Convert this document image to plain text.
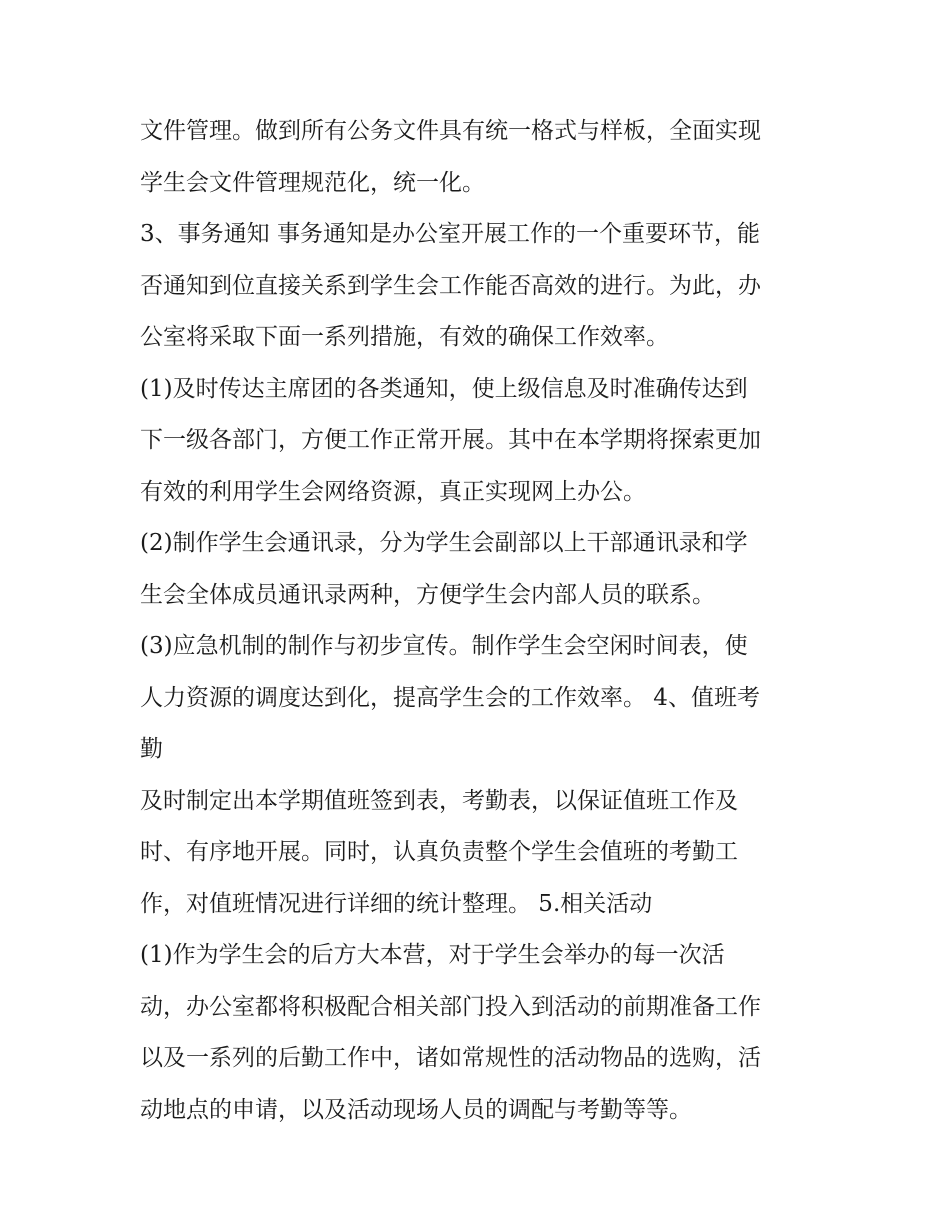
文件管理。做到所有公务文件具有统一格式与样板，全面实现
学生会文件管理规范化，统一化。
3、事务通知 事务通知是办公室开展工作的一个重要环节，能
否通知到位直接关系到学生会工作能否高效的进行。为此，办
公室将采取下面一系列措施，有效的确保工作效率。
(1)及时传达主席团的各类通知，使上级信息及时准确传达到
下一级各部门，方便工作正常开展。其中在本学期将探索更加
有效的利用学生会网络资源，真正实现网上办公。
(2)制作学生会通讯录，分为学生会副部以上干部通讯录和学
生会全体成员通讯录两种，方便学生会内部人员的联系。
(3)应急机制的制作与初步宣传。制作学生会空闲时间表，使
人力资源的调度达到化，提高学生会的工作效率。 4、值班考
勤
及时制定出本学期值班签到表，考勤表，以保证值班工作及
时、有序地开展。同时，认真负责整个学生会值班的考勤工
作，对值班情况进行详细的统计整理。 5.相关活动
(1)作为学生会的后方大本营，对于学生会举办的每一次活
动，办公室都将积极配合相关部门投入到活动的前期准备工作
以及一系列的后勤工作中，诸如常规性的活动物品的选购，活
动地点的申请，以及活动现场人员的调配与考勤等等。
